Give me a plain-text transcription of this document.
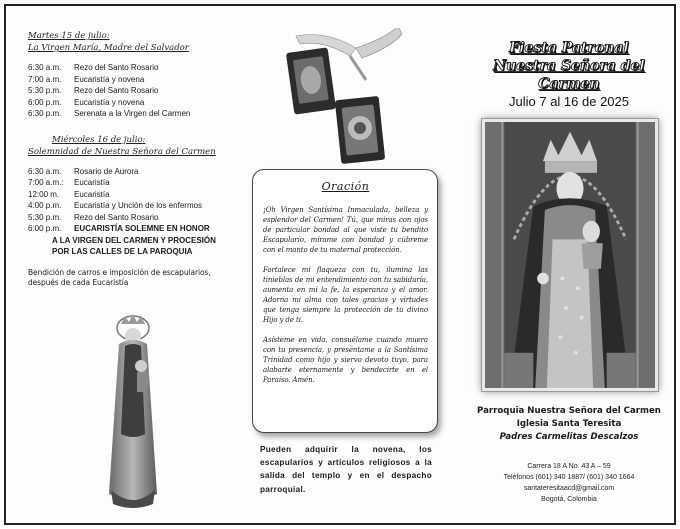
Martes 15 de julio:
La Virgen María, Madre del Salvador
6:30 a.m.	Rezo del Santo Rosario
7:00 a.m.	Eucaristía y novena
5:30 p.m.	Rezo del Santo Rosario
6:00 p.m.	Eucaristía y novena
6:30 p.m.	Serenata a la Virgen del Carmen
Miércoles 16 de julio:
Solemnidad de Nuestra Señora del Carmen
6:30 a.m.	Rosario de Aurora
7:00 a.m.:	Eucaristía
12:00 m.	Eucaristía
4:00 p.m.	Eucaristía y Unción de los enfermos
5:30 p.m.	Rezo del Santo Rosario
6:00 p.m.	EUCARISTÍA SOLEMNE EN HONOR
A LA VIRGEN DEL CARMEN Y PROCESIÓN
POR LAS CALLES DE LA PAROQUIA
Bendición de carros e imposición de escapularios, después de cada Eucaristía
Oración

¡Oh Virgen Santísima Inmaculada, belleza y esplendor del Carmen! Tú, que miras con ojos de particular bondad al que viste tu bendito Escapulario, mírame con bondad y cúbreme con el manto de tu maternal protección.

Fortalece mi flaqueza con tu, ilumina las tinieblas de mi entendimiento con tu sabiduría, aumenta en mí la fe, la esperanza y el amor. Adorna mi alma con tales gracias y virtudes que tenga siempre la protección de tu divino Hijo y de ti.

Asísteme en vida, consuélame cuando muera con tu presencia, y preséntame a la Santísima Trinidad como hijo y siervo devoto tuyo, para alabarte eternamente y bendecirte en el Paraíso. Amén.

Pueden adquirir la novena, los escapularios y artículos religiosos a la salida del templo y en el despacho parroquial.
Fiesta Patronal
Nuestra Señora del Carmen
Julio 7 al 16 de 2025
Parroquia Nuestra Señora del Carmen
Iglesia Santa Teresita
Padres Carmelitas Descalzos
Carrera 18 A No. 43 A – 59
Teléfonos (601) 340 1887/ (601) 340 1664
santateresitaacd@gmail.com
Bogotá, Colombia
